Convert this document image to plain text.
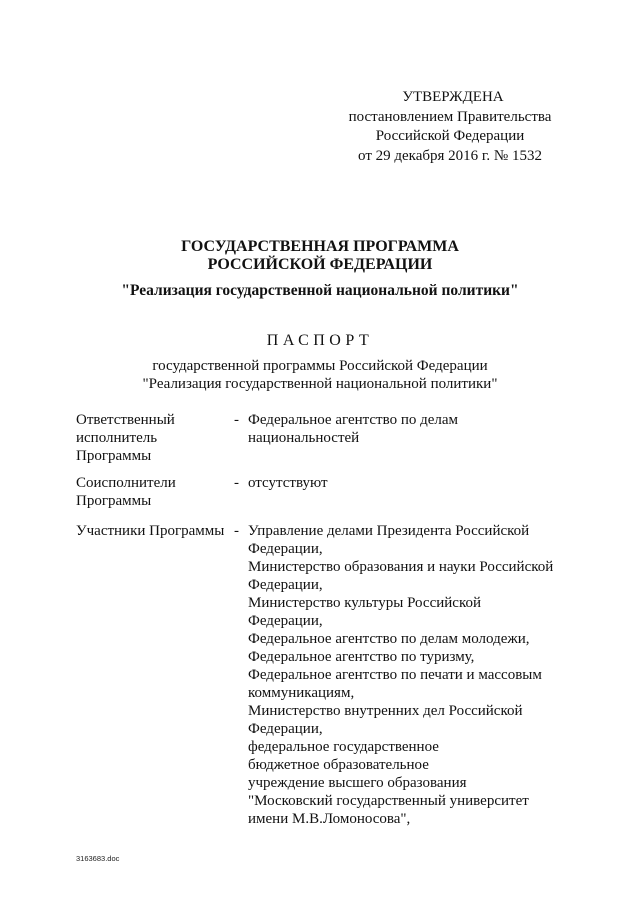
УТВЕРЖДЕНА
постановлением Правительства
Российской Федерации
от 29 декабря 2016 г. № 1532
ГОСУДАРСТВЕННАЯ ПРОГРАММА
РОССИЙСКОЙ ФЕДЕРАЦИИ
"Реализация государственной национальной политики"
ПАСПОРТ
государственной программы Российской Федерации
"Реализация государственной национальной политики"
Ответственный
исполнитель
Программы
- Федеральное агентство по делам
национальностей
Соисполнители
Программы
- отсутствуют
Участники Программы - Управление делами Президента Российской
Федерации,
Министерство образования и науки Российской
Федерации,
Министерство культуры Российской
Федерации,
Федеральное агентство по делам молодежи,
Федеральное агентство по туризму,
Федеральное агентство по печати и массовым
коммуникациям,
Министерство внутренних дел Российской
Федерации,
федеральное государственное
бюджетное образовательное
учреждение высшего образования
"Московский государственный университет
имени М.В.Ломоносова",
3163683.doc
